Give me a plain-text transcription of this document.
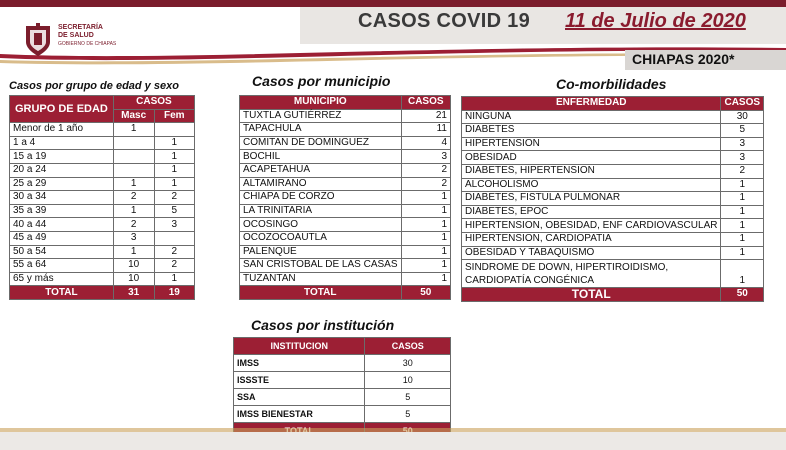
SECRETARÍA
DE SALUD
GOBIERNO DE CHIAPAS
CASOS COVID 19 11 de Julio de 2020
CHIAPAS 2020*
Casos por grupo de edad y sexo	Casos por municipio	Co-morbilidades
Casos por institución
GRUPO DE EDAD	CASOS	
	Masc	Fem
Menor de 1 año	1	
1 a 4		1
15 a 19		1
20 a 24		1
25 a 29	1	1
30 a 34	2	2
35 a 39	1	5
40 a 44	2	3
45 a 49	3	
50 a 54	1	2
55 a 64	10	2
65 y más	10	1
TOTAL	31	19
MUNICIPIO	CASOS
TUXTLA GUTIÉRREZ	21
TAPACHULA	11
COMITAN DE DOMINGUEZ	4
BOCHIL	3
ACAPETAHUA	2
ALTAMIRANO	2
CHIAPA DE CORZO	1
LA TRINITARIA	1
OCOSINGO	1
OCOZOCOAUTLA	1
PALENQUE	1
SAN CRISTOBAL DE LAS CASAS	1
TUZANTAN	1
TOTAL	50
ENFERMEDAD	CASOS
NINGUNA	30
DIABETES	5
HIPERTENSION	3
OBESIDAD	3
DIABETES, HIPERTENSION	2
ALCOHOLISMO	1
DIABETES, FISTULA PULMONAR	1
DIABETES, EPOC	1
HIPERTENSION, OBESIDAD, ENF CARDIOVASCULAR	1
HIPERTENSION, CARDIOPATIA	1
OBESIDAD Y TABAQUISMO	1

SINDROME DE DOWN, HIPERTIROIDISMO,
CARDIOPATÍA CONGÉNICA	1
TOTAL	50
INSTITUCION	CASOS
IMSS	30
ISSSTE	10
SSA	5
IMSS BIENESTAR	5
